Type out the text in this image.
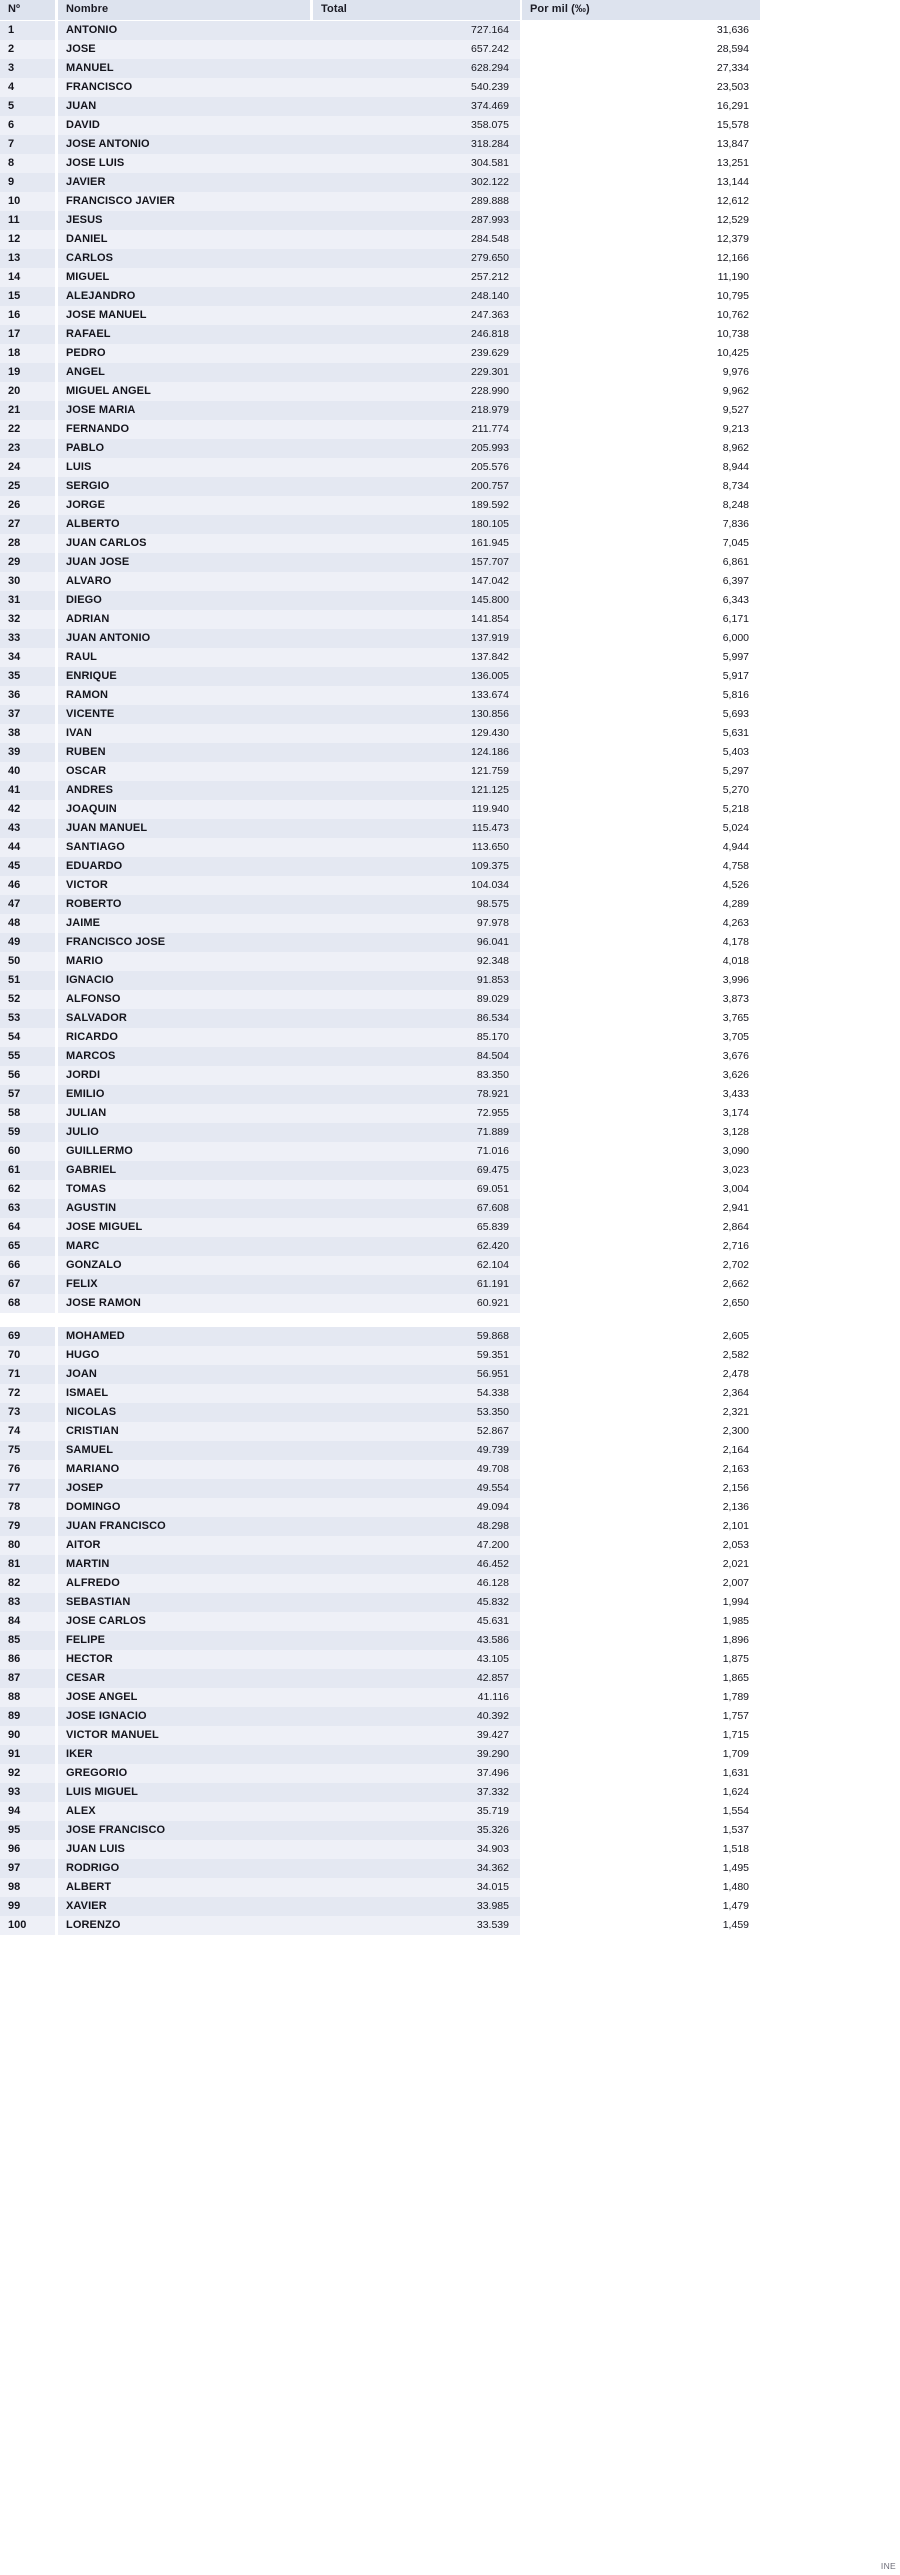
Nº	Nombre	Total	Por mil (‰)
1	ANTONIO	727.164	31,636
2	JOSE	657.242	28,594
3	MANUEL	628.294	27,334
4	FRANCISCO	540.239	23,503
5	JUAN	374.469	16,291
6	DAVID	358.075	15,578
7	JOSE ANTONIO	318.284	13,847
8	JOSE LUIS	304.581	13,251
9	JAVIER	302.122	13,144
10	FRANCISCO JAVIER	289.888	12,612
11	JESUS	287.993	12,529
12	DANIEL	284.548	12,379
13	CARLOS	279.650	12,166
14	MIGUEL	257.212	11,190
15	ALEJANDRO	248.140	10,795
16	JOSE MANUEL	247.363	10,762
17	RAFAEL	246.818	10,738
18	PEDRO	239.629	10,425
19	ANGEL	229.301	9,976
20	MIGUEL ANGEL	228.990	9,962
21	JOSE MARIA	218.979	9,527
22	FERNANDO	211.774	9,213
23	PABLO	205.993	8,962
24	LUIS	205.576	8,944
25	SERGIO	200.757	8,734
26	JORGE	189.592	8,248
27	ALBERTO	180.105	7,836
28	JUAN CARLOS	161.945	7,045
29	JUAN JOSE	157.707	6,861
30	ALVARO	147.042	6,397
31	DIEGO	145.800	6,343
32	ADRIAN	141.854	6,171
33	JUAN ANTONIO	137.919	6,000
34	RAUL	137.842	5,997
35	ENRIQUE	136.005	5,917
36	RAMON	133.674	5,816
37	VICENTE	130.856	5,693
38	IVAN	129.430	5,631
39	RUBEN	124.186	5,403
40	OSCAR	121.759	5,297
41	ANDRES	121.125	5,270
42	JOAQUIN	119.940	5,218
43	JUAN MANUEL	115.473	5,024
44	SANTIAGO	113.650	4,944
45	EDUARDO	109.375	4,758
46	VICTOR	104.034	4,526
47	ROBERTO	98.575	4,289
48	JAIME	97.978	4,263
49	FRANCISCO JOSE	96.041	4,178
50	MARIO	92.348	4,018
51	IGNACIO	91.853	3,996
52	ALFONSO	89.029	3,873
53	SALVADOR	86.534	3,765
54	RICARDO	85.170	3,705
55	MARCOS	84.504	3,676
56	JORDI	83.350	3,626
57	EMILIO	78.921	3,433
58	JULIAN	72.955	3,174
59	JULIO	71.889	3,128
60	GUILLERMO	71.016	3,090
61	GABRIEL	69.475	3,023
62	TOMAS	69.051	3,004
63	AGUSTIN	67.608	2,941
64	JOSE MIGUEL	65.839	2,864
65	MARC	62.420	2,716
66	GONZALO	62.104	2,702
67	FELIX	61.191	2,662
68	JOSE RAMON	60.921	2,650
69	MOHAMED	59.868	2,605
70	HUGO	59.351	2,582
71	JOAN	56.951	2,478
72	ISMAEL	54.338	2,364
73	NICOLAS	53.350	2,321
74	CRISTIAN	52.867	2,300
75	SAMUEL	49.739	2,164
76	MARIANO	49.708	2,163
77	JOSEP	49.554	2,156
78	DOMINGO	49.094	2,136
79	JUAN FRANCISCO	48.298	2,101
80	AITOR	47.200	2,053
81	MARTIN	46.452	2,021
82	ALFREDO	46.128	2,007
83	SEBASTIAN	45.832	1,994
84	JOSE CARLOS	45.631	1,985
85	FELIPE	43.586	1,896
86	HECTOR	43.105	1,875
87	CESAR	42.857	1,865
88	JOSE ANGEL	41.116	1,789
89	JOSE IGNACIO	40.392	1,757
90	VICTOR MANUEL	39.427	1,715
91	IKER	39.290	1,709
92	GREGORIO	37.496	1,631
93	LUIS MIGUEL	37.332	1,624
94	ALEX	35.719	1,554
95	JOSE FRANCISCO	35.326	1,537
96	JUAN LUIS	34.903	1,518
97	RODRIGO	34.362	1,495
98	ALBERT	34.015	1,480
99	XAVIER	33.985	1,479
100	LORENZO	33.539	1,459
INE
